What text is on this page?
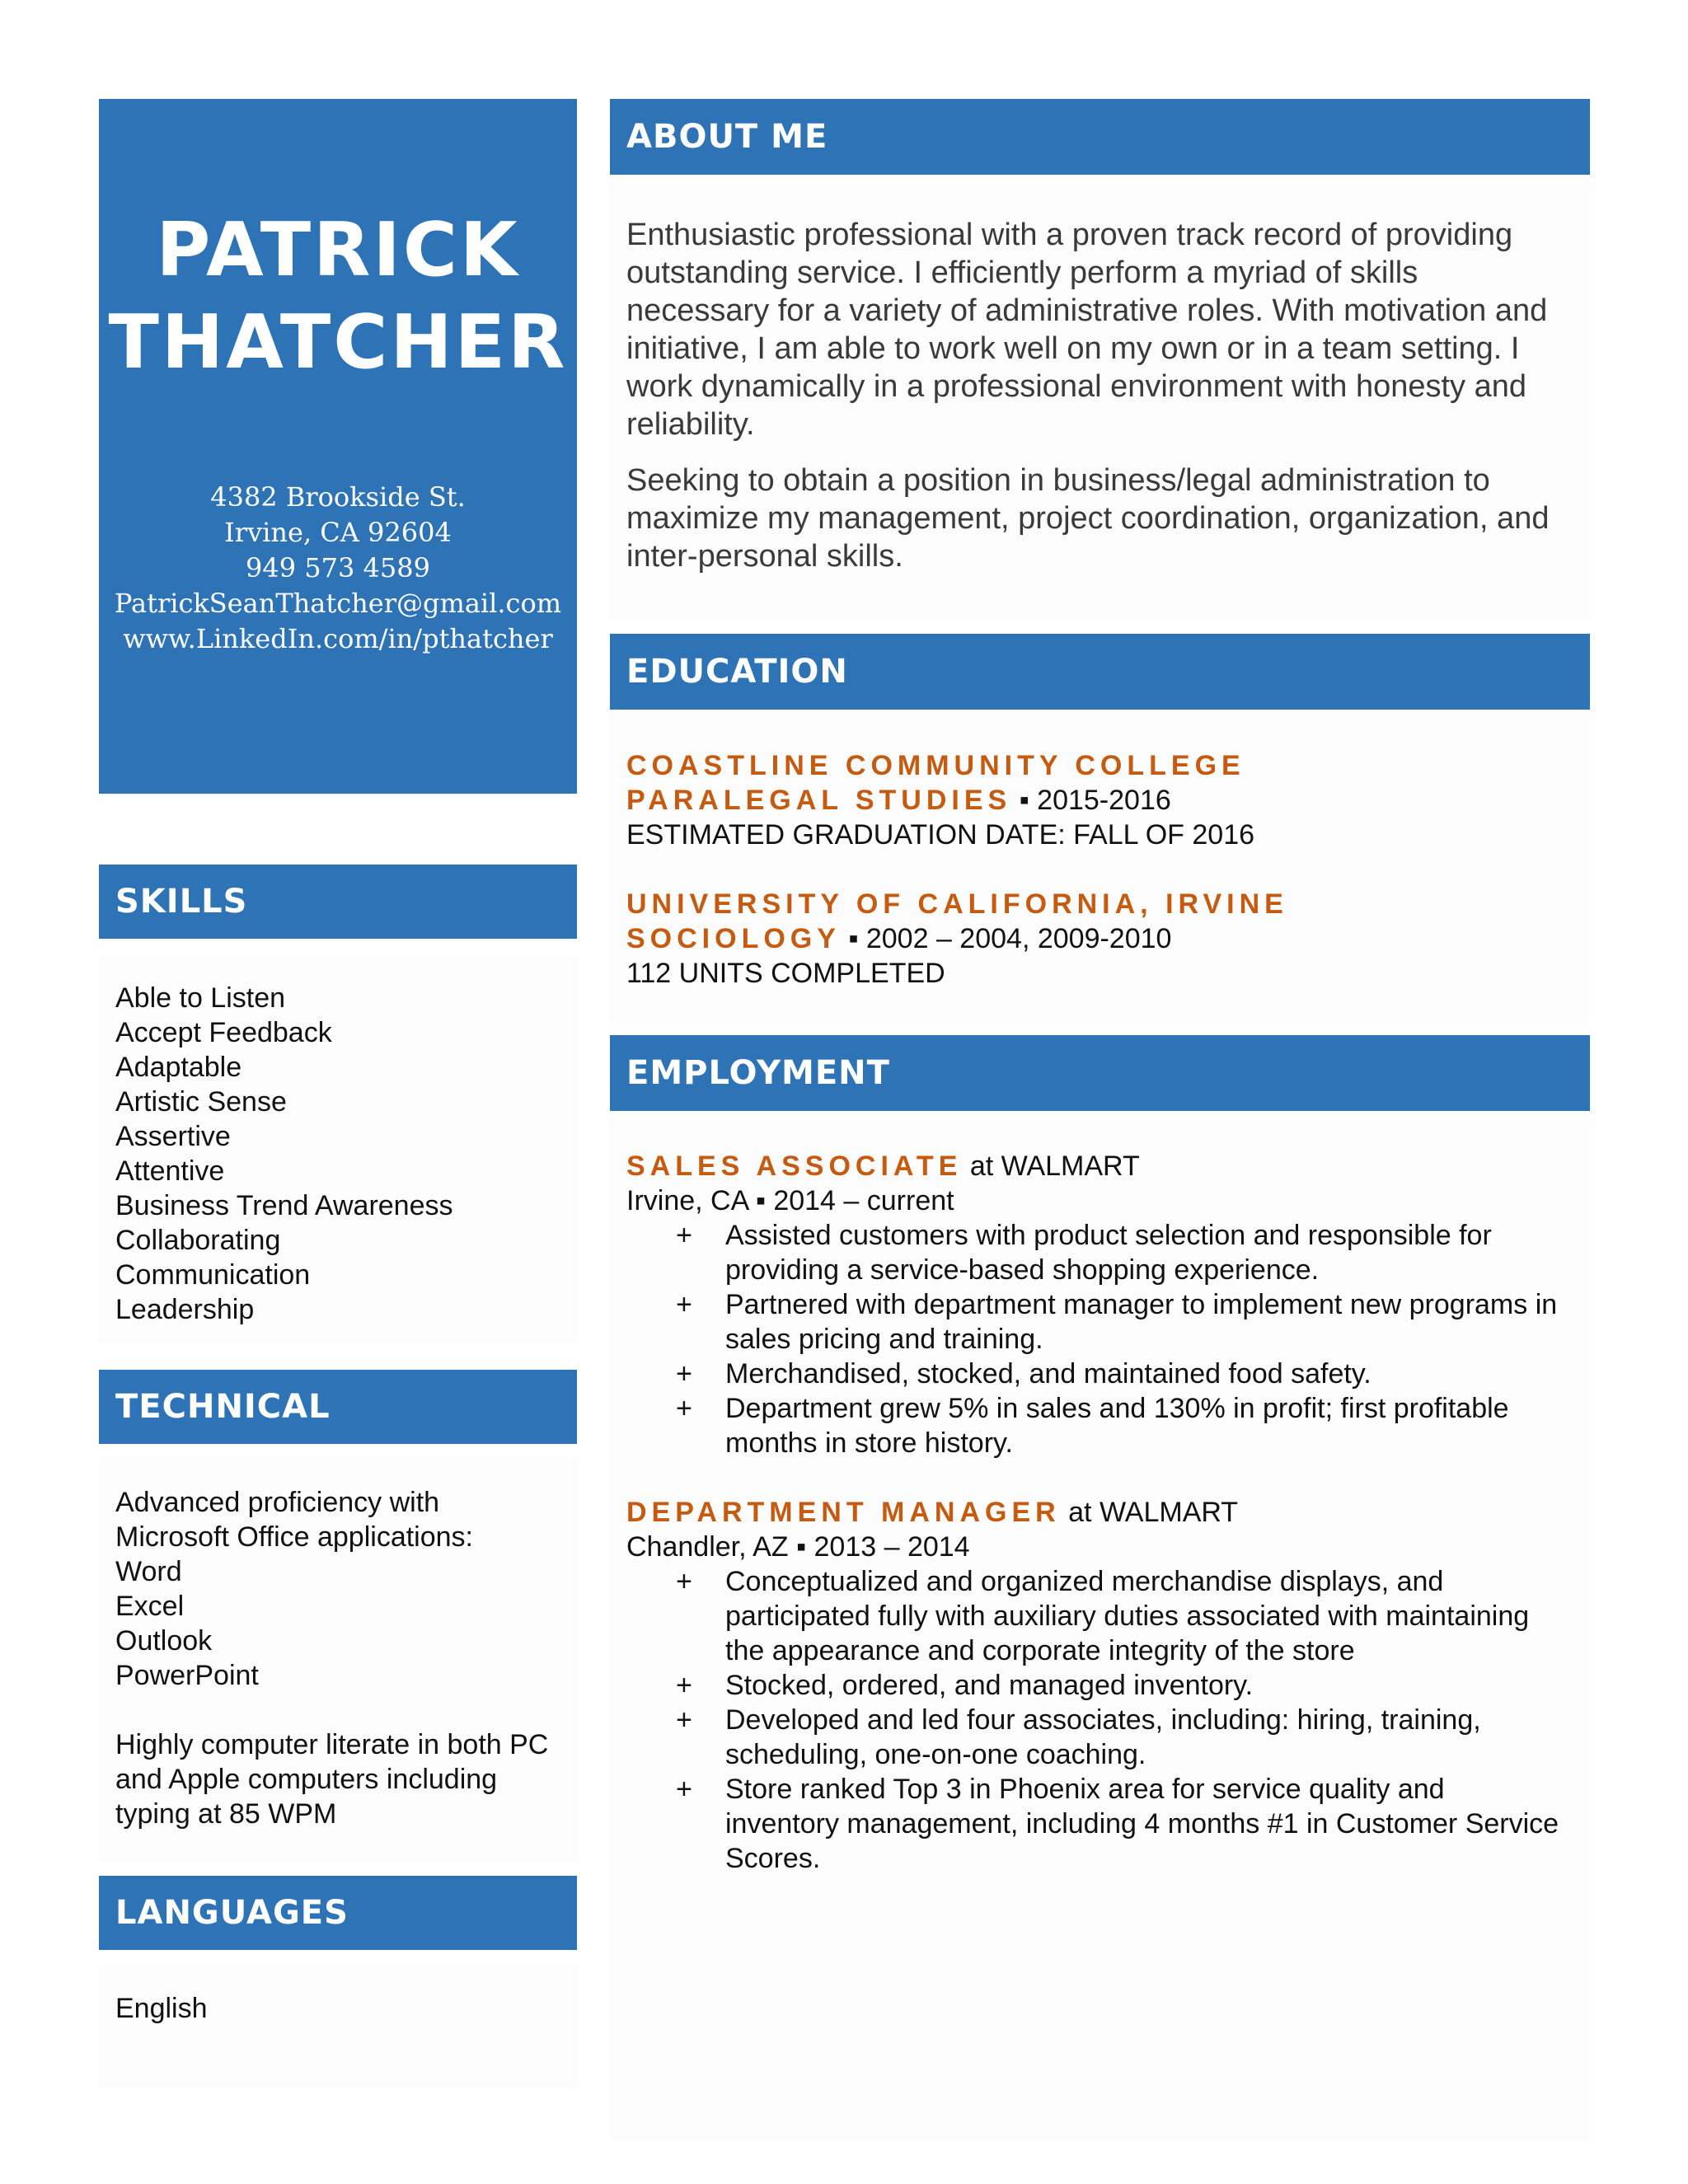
PATRICK
THATCHER
4382 Brookside St.
Irvine, CA 92604
949 573 4589
PatrickSeanThatcher@gmail.com
www.LinkedIn.com/in/pthatcher
SKILLS
Able to Listen
Accept Feedback
Adaptable
Artistic Sense
Assertive
Attentive
Business Trend Awareness
Collaborating
Communication
Leadership
TECHNICAL
Advanced proficiency with
Microsoft Office applications:
Word
Excel
Outlook
PowerPoint
Highly computer literate in both PC
and Apple computers including
typing at 85 WPM
LANGUAGES
English
ABOUT ME

Enthusiastic professional with a proven track record of providing outstanding service. I efficiently perform a myriad of skills necessary for a variety of administrative roles. With motivation and initiative, I am able to work well on my own or in a team setting. I work dynamically in a professional environment with honesty and reliability.

Seeking to obtain a position in business/legal administration to maximize my management, project coordination, organization, and inter-personal skills.

EDUCATION
COASTLINE COMMUNITY COLLEGE
PARALEGAL STUDIES ▪ 2015-2016
ESTIMATED GRADUATION DATE: FALL OF 2016
UNIVERSITY OF CALIFORNIA, IRVINE
SOCIOLOGY ▪ 2002 – 2004, 2009-2010
112 UNITS COMPLETED
EMPLOYMENT
SALES ASSOCIATE at WALMART
Irvine, CA ▪ 2014 – current
+ Assisted customers with product selection and responsible for providing a service-based shopping experience.
+ Partnered with department manager to implement new programs in sales pricing and training.
+ Merchandised, stocked, and maintained food safety.
+ Department grew 5% in sales and 130% in profit; first profitable months in store history.
DEPARTMENT MANAGER at WALMART
Chandler, AZ ▪ 2013 – 2014
+ Conceptualized and organized merchandise displays, and participated fully with auxiliary duties associated with maintaining the appearance and corporate integrity of the store
+ Stocked, ordered, and managed inventory.
+ Developed and led four associates, including: hiring, training, scheduling, one-on-one coaching.
+ Store ranked Top 3 in Phoenix area for service quality and inventory management, including 4 months #1 in Customer Service Scores.
